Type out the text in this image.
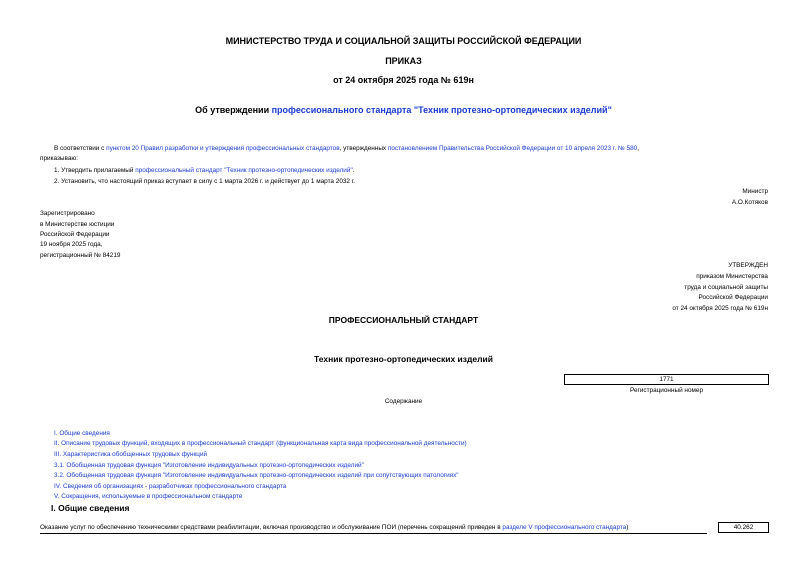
МИНИСТЕРСТВО ТРУДА И СОЦИАЛЬНОЙ ЗАЩИТЫ РОССИЙСКОЙ ФЕДЕРАЦИИ
ПРИКАЗ
от 24 октября 2025 года № 619н
Об утверждении профессионального стандарта "Техник протезно-ортопедических изделий"
В соответствии с пунктом 20 Правил разработки и утверждения профессиональных стандартов, утвержденных постановлением Правительства Российской Федерации от 10 апреля 2023 г. № 580,
приказываю:
1. Утвердить прилагаемый профессиональный стандарт "Техник протезно-ортопедических изделий".
2. Установить, что настоящий приказ вступает в силу с 1 марта 2026 г. и действует до 1 марта 2032 г.
Министр
А.О.Котяков
Зарегистрировано
в Министерстве юстиции
Российской Федерации
19 ноября 2025 года,
регистрационный № 84219
УТВЕРЖДЕН
приказом Министерства
труда и социальной защиты
Российской Федерации
от 24 октября 2025 года № 619н
ПРОФЕССИОНАЛЬНЫЙ СТАНДАРТ
Техник протезно-ортопедических изделий
1771
Регистрационный номер
Содержание
I. Общие сведения
II. Описание трудовых функций, входящих в профессиональный стандарт (функциональная карта вида профессиональной деятельности)
III. Характеристика обобщенных трудовых функций
3.1. Обобщенная трудовая функция "Изготовление индивидуальных протезно-ортопедических изделий"
3.2. Обобщенная трудовая функция "Изготовление индивидуальных протезно-ортопедических изделий при сопутствующих патологиях"
IV. Сведения об организациях - разработчиках профессионального стандарта
V. Сокращения, используемые в профессиональном стандарте
I. Общие сведения
Оказание услуг по обеспечению техническими средствами реабилитации, включая производство и обслуживание ПОИ (перечень сокращений приведен в разделе V профессионального стандарта)	40.262
